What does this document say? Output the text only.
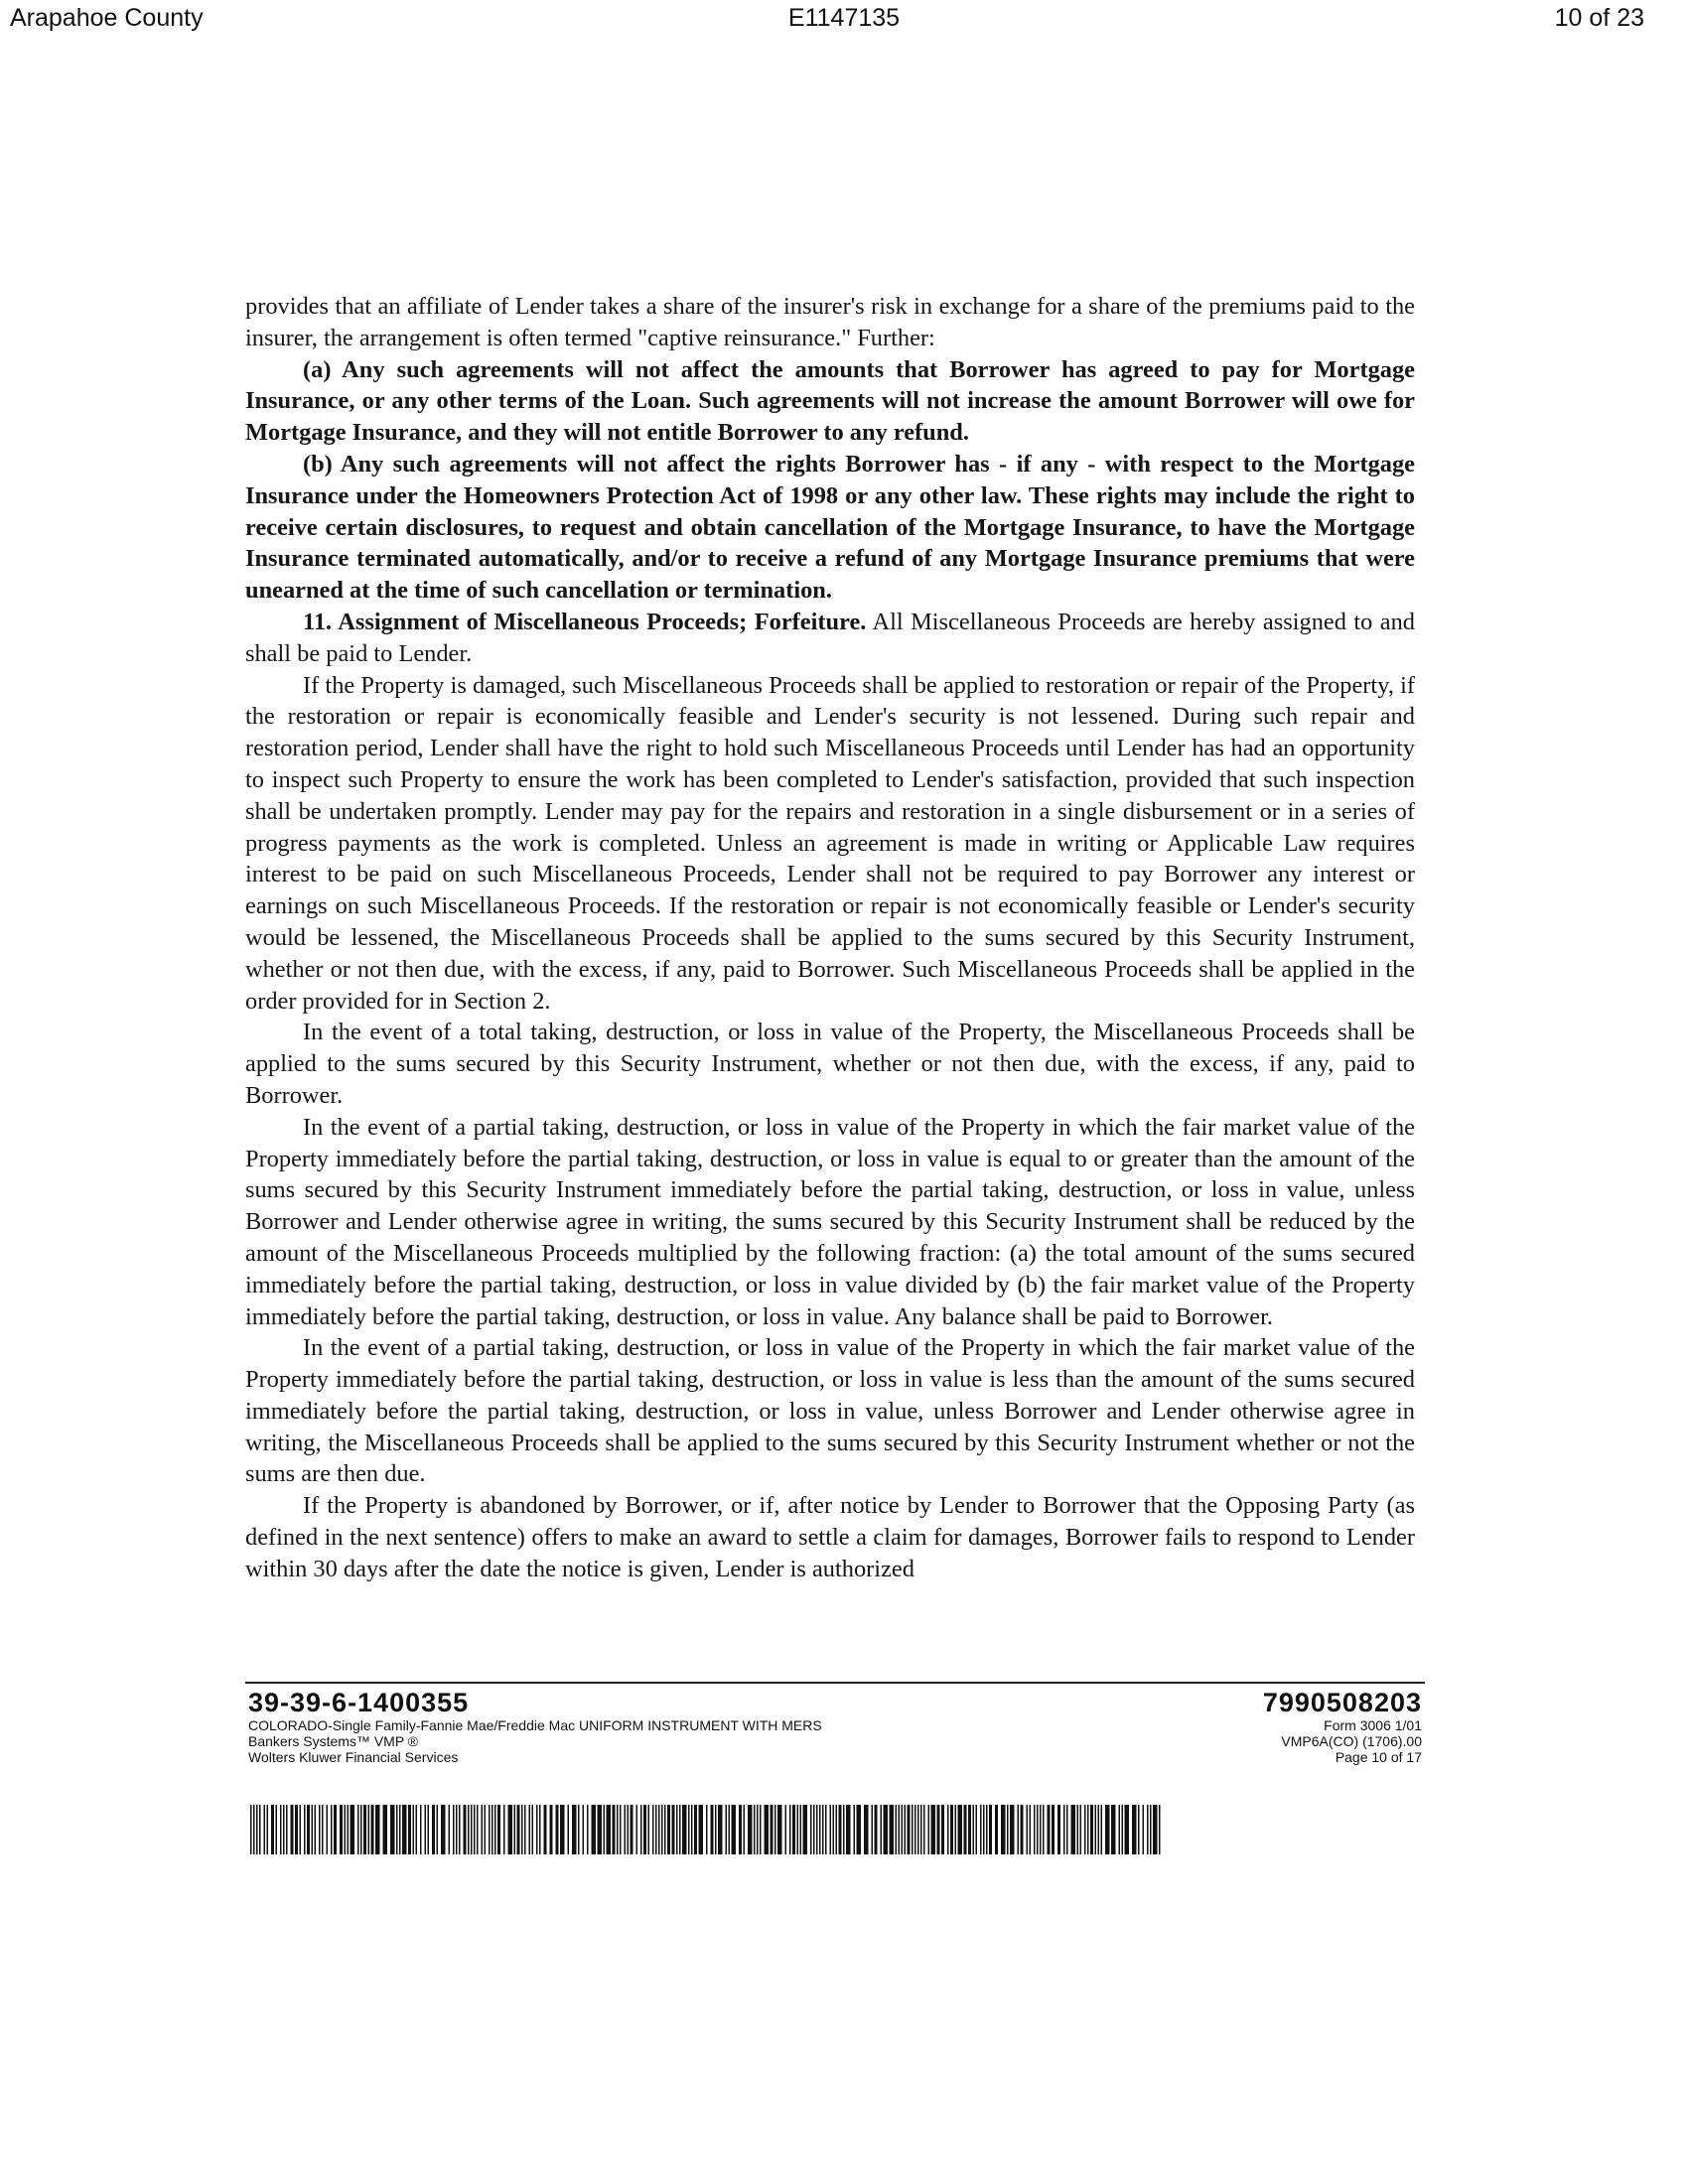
Arapahoe County	E1147135	10 of 23

provides that an affiliate of Lender takes a share of the insurer's risk in exchange for a share of the premiums paid to the insurer, the arrangement is often termed "captive reinsurance." Further:

(a) Any such agreements will not affect the amounts that Borrower has agreed to pay for Mortgage Insurance, or any other terms of the Loan. Such agreements will not increase the amount Borrower will owe for Mortgage Insurance, and they will not entitle Borrower to any refund.

(b) Any such agreements will not affect the rights Borrower has - if any - with respect to the Mortgage Insurance under the Homeowners Protection Act of 1998 or any other law. These rights may include the right to receive certain disclosures, to request and obtain cancellation of the Mortgage Insurance, to have the Mortgage Insurance terminated automatically, and/or to receive a refund of any Mortgage Insurance premiums that were unearned at the time of such cancellation or termination.

11. Assignment of Miscellaneous Proceeds; Forfeiture. All Miscellaneous Proceeds are hereby assigned to and shall be paid to Lender.

If the Property is damaged, such Miscellaneous Proceeds shall be applied to restoration or repair of the Property, if the restoration or repair is economically feasible and Lender's security is not lessened. During such repair and restoration period, Lender shall have the right to hold such Miscellaneous Proceeds until Lender has had an opportunity to inspect such Property to ensure the work has been completed to Lender's satisfaction, provided that such inspection shall be undertaken promptly. Lender may pay for the repairs and restoration in a single disbursement or in a series of progress payments as the work is completed. Unless an agreement is made in writing or Applicable Law requires interest to be paid on such Miscellaneous Proceeds, Lender shall not be required to pay Borrower any interest or earnings on such Miscellaneous Proceeds. If the restoration or repair is not economically feasible or Lender's security would be lessened, the Miscellaneous Proceeds shall be applied to the sums secured by this Security Instrument, whether or not then due, with the excess, if any, paid to Borrower. Such Miscellaneous Proceeds shall be applied in the order provided for in Section 2.

In the event of a total taking, destruction, or loss in value of the Property, the Miscellaneous Proceeds shall be applied to the sums secured by this Security Instrument, whether or not then due, with the excess, if any, paid to Borrower.

In the event of a partial taking, destruction, or loss in value of the Property in which the fair market value of the Property immediately before the partial taking, destruction, or loss in value is equal to or greater than the amount of the sums secured by this Security Instrument immediately before the partial taking, destruction, or loss in value, unless Borrower and Lender otherwise agree in writing, the sums secured by this Security Instrument shall be reduced by the amount of the Miscellaneous Proceeds multiplied by the following fraction: (a) the total amount of the sums secured immediately before the partial taking, destruction, or loss in value divided by (b) the fair market value of the Property immediately before the partial taking, destruction, or loss in value. Any balance shall be paid to Borrower.

In the event of a partial taking, destruction, or loss in value of the Property in which the fair market value of the Property immediately before the partial taking, destruction, or loss in value is less than the amount of the sums secured immediately before the partial taking, destruction, or loss in value, unless Borrower and Lender otherwise agree in writing, the Miscellaneous Proceeds shall be applied to the sums secured by this Security Instrument whether or not the sums are then due.

If the Property is abandoned by Borrower, or if, after notice by Lender to Borrower that the Opposing Party (as defined in the next sentence) offers to make an award to settle a claim for damages, Borrower fails to respond to Lender within 30 days after the date the notice is given, Lender is authorized

39-39-6-1400355
COLORADO-Single Family-Fannie Mae/Freddie Mac UNIFORM INSTRUMENT WITH MERS
Bankers Systems™ VMP ®
Wolters Kluwer Financial Services
7990508203
Form 3006 1/01
VMP6A(CO) (1706).00
Page 10 of 17
